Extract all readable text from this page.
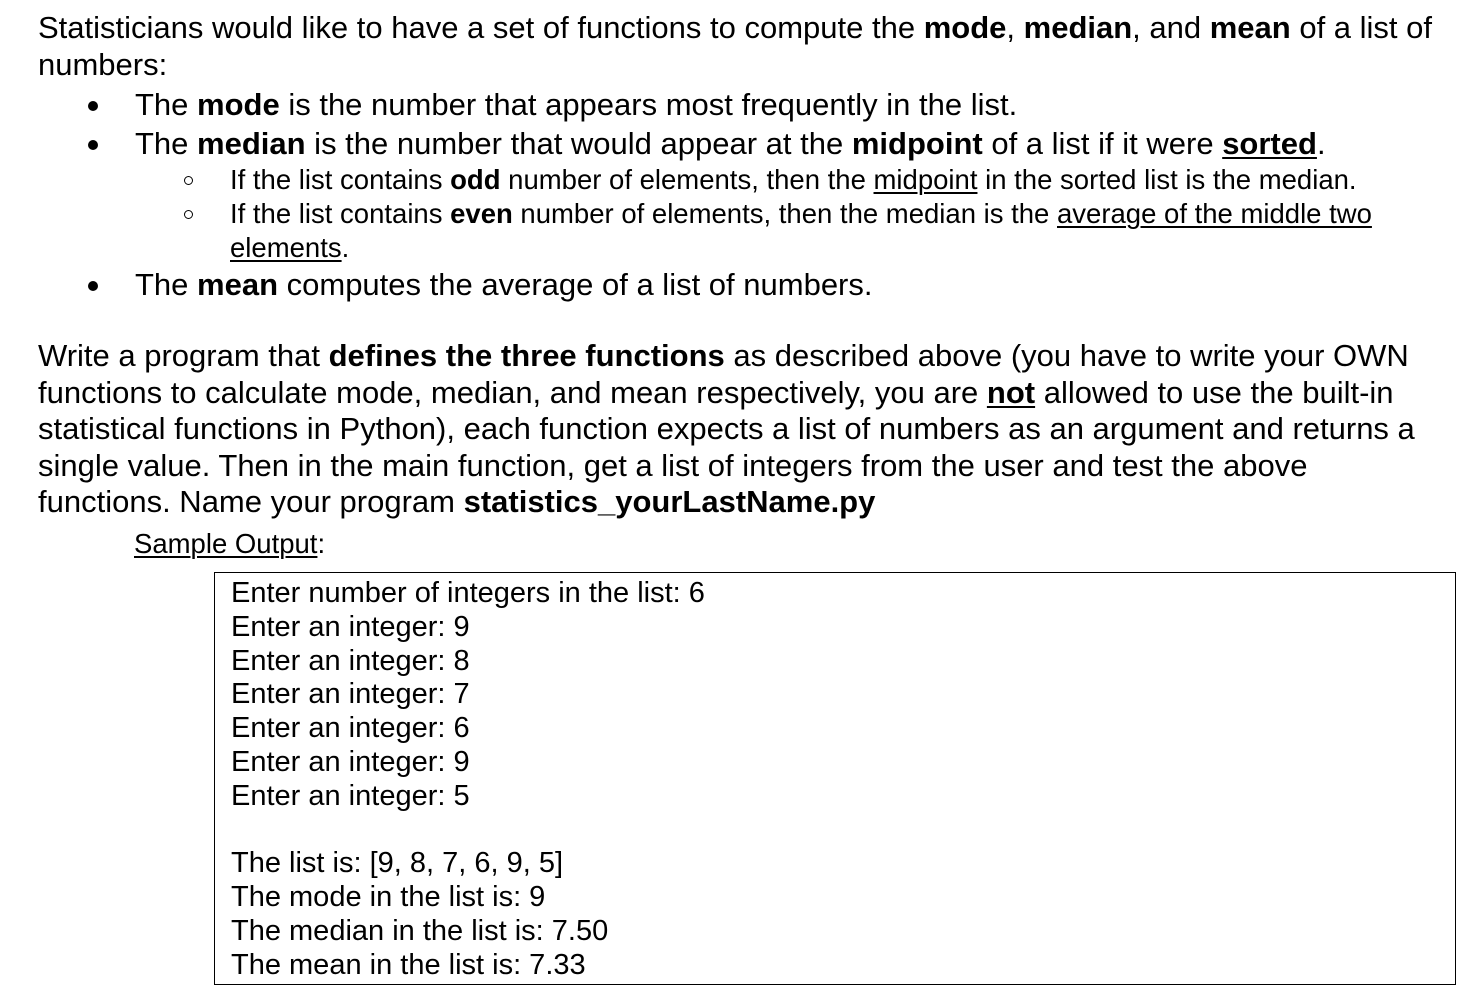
Statisticians would like to have a set of functions to compute the mode, median, and mean of a list of numbers:

The mode is the number that appears most frequently in the list.
The median is the number that would appear at the midpoint of a list if it were sorted.
If the list contains odd number of elements, then the midpoint in the sorted list is the median.
If the list contains even number of elements, then the median is the average of the middle two elements.
The mean computes the average of a list of numbers.

Write a program that defines the three functions as described above (you have to write your OWN functions to calculate mode, median, and mean respectively, you are not allowed to use the built-in statistical functions in Python), each function expects a list of numbers as an argument and returns a single value. Then in the main function, get a list of integers from the user and test the above functions. Name your program statistics_yourLastName.py

Sample Output:
Enter number of integers in the list: 6
Enter an integer: 9
Enter an integer: 8
Enter an integer: 7
Enter an integer: 6
Enter an integer: 9
Enter an integer: 5
The list is: [9, 8, 7, 6, 9, 5]
The mode in the list is: 9
The median in the list is: 7.50
The mean in the list is: 7.33
